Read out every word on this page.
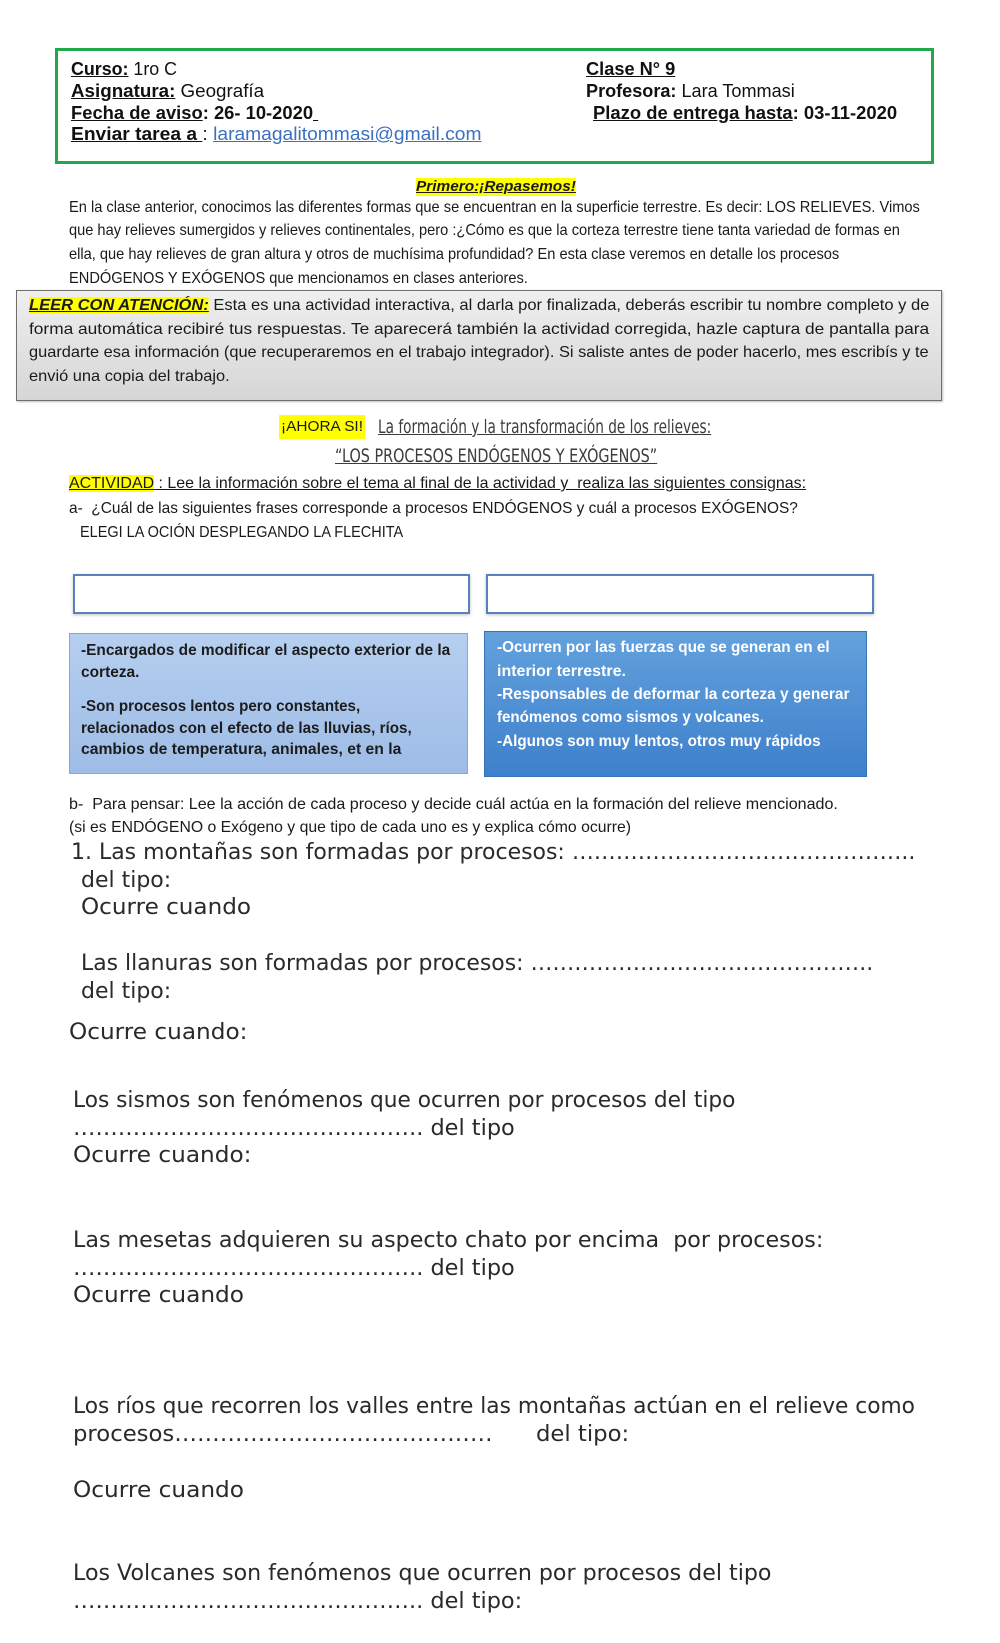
Curso: 1ro C
Asignatura: Geografía
Fecha de aviso: 26- 10-2020
Enviar tarea a : laramagalitommasi@gmail.com
Clase N° 9
Profesora: Lara Tommasi
Plazo de entrega hasta: 03-11-2020
Primero:¡Repasemos!
En la clase anterior, conocimos las diferentes formas que se encuentran en la superficie terrestre. Es decir: LOS RELIEVES. Vimos
que hay relieves sumergidos y relieves continentales, pero :¿Cómo es que la corteza terrestre tiene tanta variedad de formas en
ella, que hay relieves de gran altura y otros de muchísima profundidad? En esta clase veremos en detalle los procesos
ENDÓGENOS Y EXÓGENOS que mencionamos en clases anteriores.
LEER CON ATENCIÓN: Esta es una actividad interactiva, al darla por finalizada, deberás escribir tu nombre completo y de
forma automática recibiré tus respuestas. Te aparecerá también la actividad corregida, hazle captura de pantalla para
guardarte esa información (que recuperaremos en el trabajo integrador). Si saliste antes de poder hacerlo, mes escribís y te
envió una copia del trabajo.
¡AHORA SI! La formación y la transformación de los relieves:
“LOS PROCESOS ENDÓGENOS Y EXÓGENOS”
ACTIVIDAD : Lee la información sobre el tema al final de la actividad y  realiza las siguientes consignas:
a-  ¿Cuál de las siguientes frases corresponde a procesos ENDÓGENOS y cuál a procesos EXÓGENOS?
ELEGI LA OCIÓN DESPLEGANDO LA FLECHITA
-Encargados de modificar el aspecto exterior de la
corteza.
-Son procesos lentos pero constantes,
relacionados con el efecto de las lluvias, ríos,
cambios de temperatura, animales, et en la
-Ocurren por las fuerzas que se generan en el
interior terrestre.
-Responsables de deformar la corteza y generar
fenómenos como sismos y volcanes.
-Algunos son muy lentos, otros muy rápidos
b-  Para pensar: Lee la acción de cada proceso y decide cuál actúa en la formación del relieve mencionado.
(si es ENDÓGENO o Exógeno y que tipo de cada uno es y explica cómo ocurre)
1. Las montañas son formadas por procesos: ………………………………………..
del tipo:
Ocurre cuando
Las llanuras son formadas por procesos: ………………………………………..
del tipo:
Ocurre cuando:
Los sismos son fenómenos que ocurren por procesos del tipo
……………………………………….. del tipo
Ocurre cuando:
Las mesetas adquieren su aspecto chato por encima  por procesos:
……………………………………….. del tipo
Ocurre cuando
Los ríos que recorren los valles entre las montañas actúan en el relieve como
procesos……………………………………      del tipo:
Ocurre cuando
Los Volcanes son fenómenos que ocurren por procesos del tipo
……………………………………….. del tipo:
